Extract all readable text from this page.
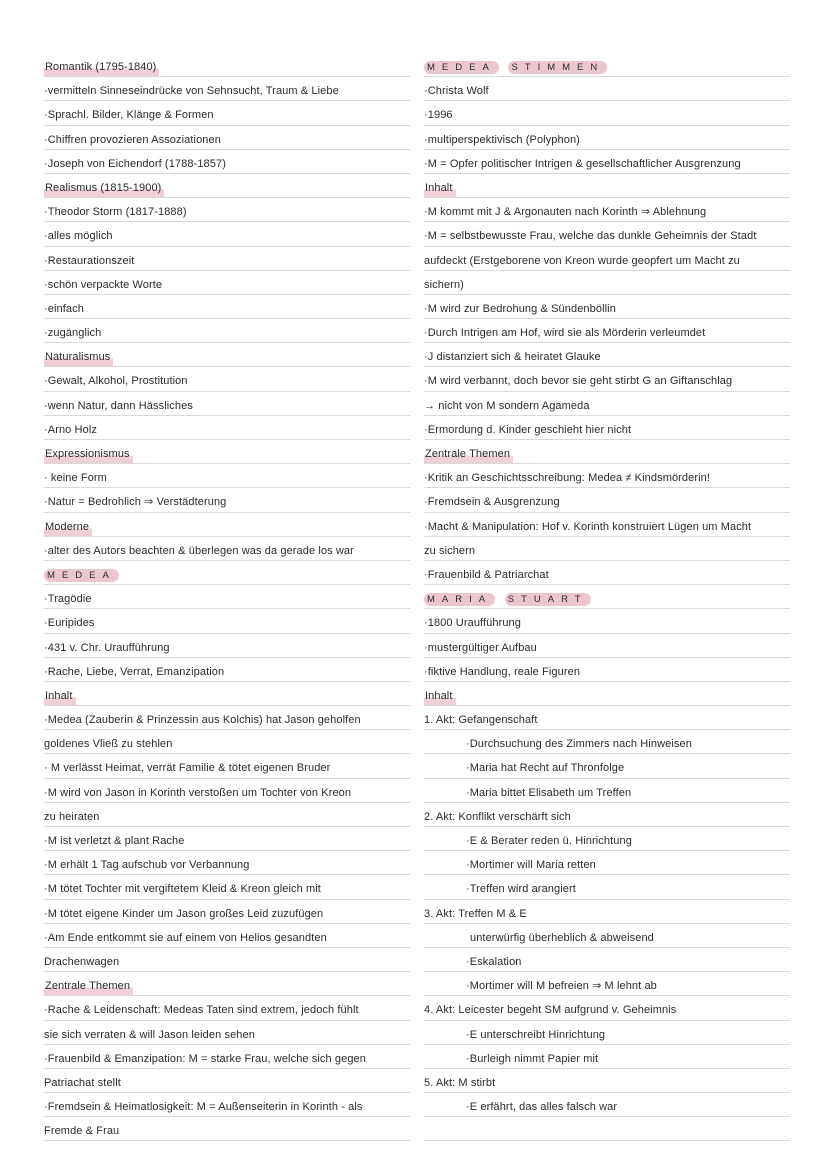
Romantik (1795-1840)
·vermitteln Sinneseindrücke von Sehnsucht, Traum & Liebe
·Sprachl. Bilder, Klänge & Formen
·Chiffren provozieren Assoziationen
·Joseph von Eichendorf (1788-1857)
Realismus (1815-1900)
·Theodor Storm (1817-1888)
·alles möglich
·Restaurationszeit
·schön verpackte Worte
·einfach
·zugänglich
Naturalismus
·Gewalt, Alkohol, Prostitution
·wenn Natur, dann Hässliches
·Arno Holz
Expressionismus
· keine Form
·Natur = Bedrohlich ⇒ Verstädterung
Moderne
·alter des Autors beachten & überlegen was da gerade los war
MEDEA
·Tragödie
·Euripides
·431 v. Chr. Uraufführung
·Rache, Liebe, Verrat, Emanzipation
Inhalt
·Medea (Zauberin & Prinzessin aus Kolchis) hat Jason geholfen
goldenes Vließ zu stehlen
· M verlässt Heimat, verrät Familie & tötet eigenen Bruder
·M wird von Jason in Korinth verstoßen um Tochter von Kreon
zu heiraten
·M ist verletzt & plant Rache
·M erhält 1 Tag aufschub vor Verbannung
·M tötet Tochter mit vergiftetem Kleid & Kreon gleich mit
·M tötet eigene Kinder um Jason großes Leid zuzufügen
·Am Ende entkommt sie auf einem von Helios gesandten
Drachenwagen
Zentrale Themen
·Rache & Leidenschaft: Medeas Taten sind extrem, jedoch fühlt
sie sich verraten & will Jason leiden sehen
·Frauenbild & Emanzipation: M = starke Frau, welche sich gegen
Patriachat stellt
·Fremdsein & Heimatlosigkeit: M = Außenseiterin in Korinth - als
Fremde & Frau
MEDEA STIMMEN
·Christa Wolf
·1996
·multiperspektivisch (Polyphon)
·M = Opfer politischer Intrigen & gesellschaftlicher Ausgrenzung
Inhalt
·M kommt mit J & Argonauten nach Korinth ⇒ Ablehnung
·M = selbstbewusste Frau, welche das dunkle Geheimnis der Stadt
aufdeckt (Erstgeborene von Kreon wurde geopfert um Macht zu
sichern)
·M wird zur Bedrohung & Sündenböllin
·Durch Intrigen am Hof, wird sie als Mörderin verleumdet
·J distanziert sich & heiratet Glauke
·M wird verbannt, doch bevor sie geht stirbt G an Giftanschlag
→ nicht von M sondern Agameda
·Ermordung d. Kinder geschieht hier nicht
Zentrale Themen
·Kritik an Geschichtsschreibung: Medea ≠ Kindsmörderin!
·Fremdsein & Ausgrenzung
·Macht & Manipulation: Hof v. Korinth konstruiert Lügen um Macht
zu sichern
·Frauenbild & Patriarchat
MARIA STUART
·1800 Uraufführung
·mustergültiger Aufbau
·fiktive Handlung, reale Figuren
Inhalt
1. Akt: Gefangenschaft
·Durchsuchung des Zimmers nach Hinweisen
·Maria hat Recht auf Thronfolge
·Maria bittet Elisabeth um Treffen
2. Akt: Konflikt verschärft sich
·E & Berater reden ü. Hinrichtung
·Mortimer will Maria retten
·Treffen wird arangiert
3. Akt: Treffen M & E
unterwürfig überheblich & abweisend
·Eskalation
·Mortimer will M befreien ⇒ M lehnt ab
4. Akt: Leicester begeht SM aufgrund v. Geheimnis
·E unterschreibt Hinrichtung
·Burleigh nimmt Papier mit
5. Akt: M stirbt
·E erfährt, das alles falsch war
